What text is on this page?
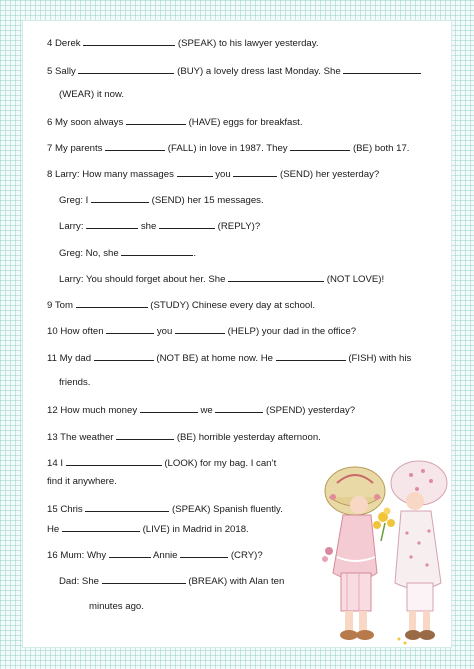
4 Derek	(SPEAK) to his lawyer yesterday.
5 Sally	(BUY) a lovely dress last Monday. She
(WEAR) it now.
6 My soon always	(HAVE) eggs for breakfast.
7 My parents	(FALL) in love in 1987. They	(BE) both 17.
8 Larry: How many massages	you	(SEND) her yesterday?
Greg: I	(SEND) her 15 messages.
Larry:	she	(REPLY)?
Greg: No, she	.
Larry: You should forget about her. She	(NOT LOVE)!
9 Tom	(STUDY) Chinese every day at school.
10 How often	you	(HELP) your dad in the office?
11 My dad	(NOT BE) at home now. He	(FISH) with his
friends.
12 How much money	we	(SPEND) yesterday?
13 The weather	(BE) horrible yesterday afternoon.
14 I	(LOOK) for my bag. I can’t
find it anywhere.
15 Chris	(SPEAK) Spanish fluently.
He	(LIVE) in Madrid in 2018.
16 Mum: Why	Annie	(CRY)?
Dad: She	(BREAK) with Alan ten
minutes ago.
